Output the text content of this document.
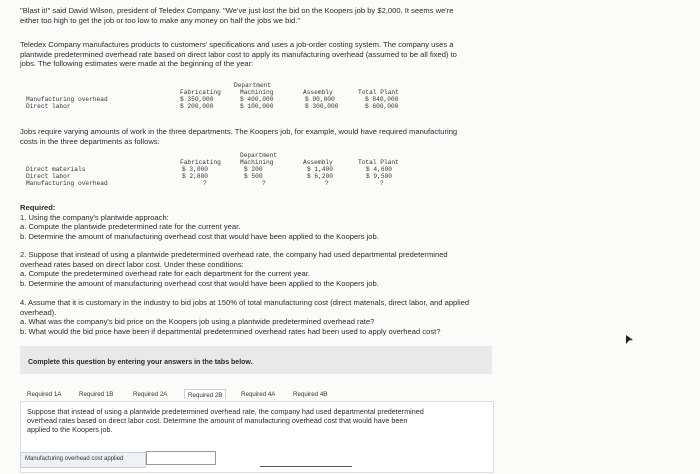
"Blast it!" said David Wilson, president of Teledex Company. "We've just lost the bid on the Koopers job by $2,000. It seems we're
either too high to get the job or too low to make any money on half the jobs we bid."
Teledex Company manufactures products to customers' specifications and uses a job-order costing system. The company uses a
plantwide predetermined overhead rate based on direct labor cost to apply its manufacturing overhead (assumed to be all fixed) to
jobs. The following estimates were made at the beginning of the year:
Department
Fabricating	Machining	Assembly	Total Plant
Manufacturing overhead	$ 350,000	$ 400,000	$ 90,000	$ 840,000
Direct labor	$ 200,000	$ 100,000	$ 300,000	$ 600,000
Jobs require varying amounts of work in the three departments. The Koopers job, for example, would have required manufacturing
costs in the three departments as follows:
Department
Fabricating	Machining	Assembly	Total Plant
Direct materials	$ 3,000	$ 200	$ 1,400	$ 4,600
Direct labor	$ 2,800	$ 500	$ 6,200	$ 9,500
Manufacturing overhead	?	?	?	?
Required:
1. Using the company's plantwide approach:
a. Compute the plantwide predetermined rate for the current year.
b. Determine the amount of manufacturing overhead cost that would have been applied to the Koopers job.
2. Suppose that instead of using a plantwide predetermined overhead rate, the company had used departmental predetermined
overhead rates based on direct labor cost. Under these conditions:
a. Compute the predetermined overhead rate for each department for the current year.
b. Determine the amount of manufacturing overhead cost that would have been applied to the Koopers job.
4. Assume that it is customary in the industry to bid jobs at 150% of total manufacturing cost (direct materials, direct labor, and applied
overhead).
a. What was the company's bid price on the Koopers job using a plantwide predetermined overhead rate?
b. What would the bid price have been if departmental predetermined overhead rates had been used to apply overhead cost?
Complete this question by entering your answers in the tabs below.
Required 1A	Required 1B	Required 2A	Required 2B	Required 4A	Required 4B
Suppose that instead of using a plantwide predetermined overhead rate, the company had used departmental predetermined
overhead rates based on direct labor cost. Determine the amount of manufacturing overhead cost that would have been
applied to the Koopers job.
Manufacturing overhead cost applied
